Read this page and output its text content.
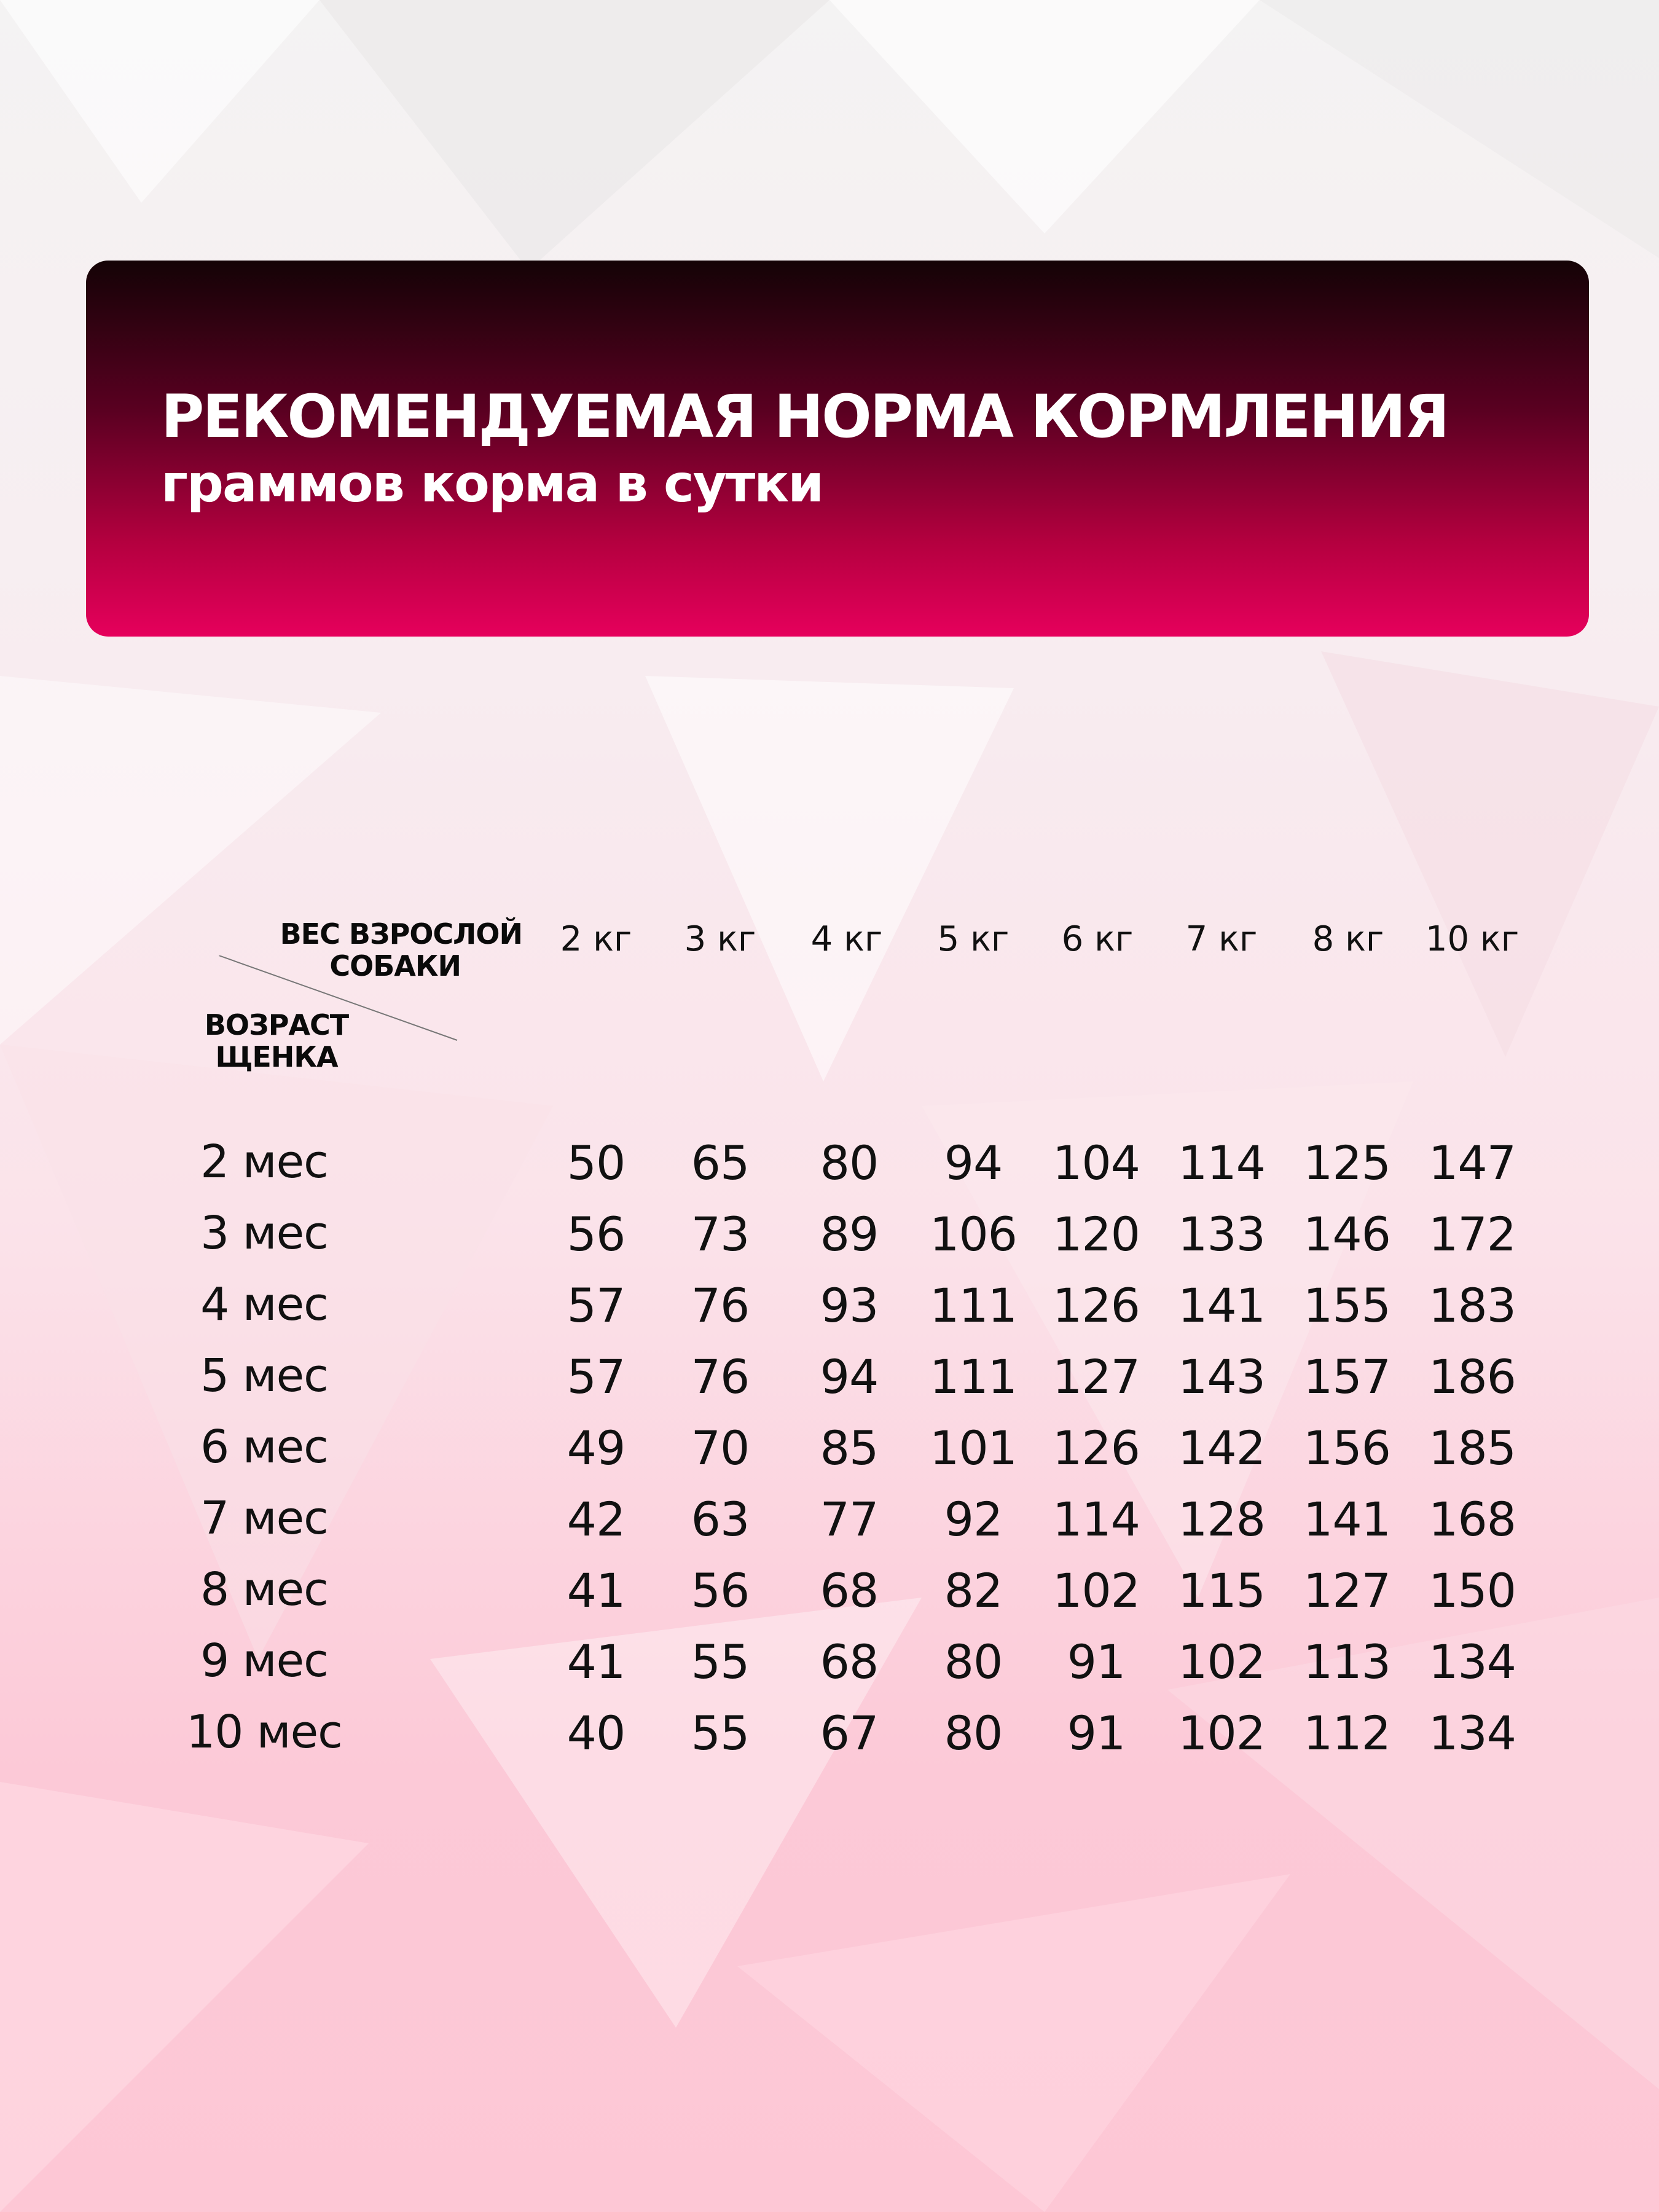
РЕКОМЕНДУЕМАЯ НОРМА КОРМЛЕНИЯ
граммов корма в сутки
ВЕС ВЗРОСЛОЙ
СОБАКИ
ВОЗРАСТ
ЩЕНКА
2 кг	3 кг	4 кг	5 кг	6 кг	7 кг	8 кг	10 кг
2 мес	50	65	80	94	104 114 125 147
3 мес	56	73	89	106 120 133 146 172
4 мес	57	76	93	111 126 141 155 183
5 мес	57	76	94	111 127 143 157 186
6 мес	49	70	85	101 126 142 156 185
7 мес	42	63	77	92	114 128 141 168
8 мес	41	56	68	82	102 115 127 150
9 мес	41	55	68	80	91	102 113 134
10 мес	40	55	67	80	91	102 112 134
